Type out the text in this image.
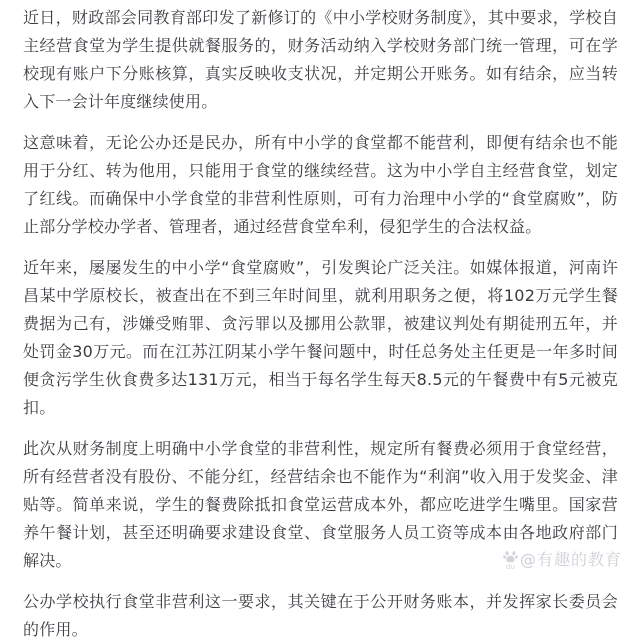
近日，财政部会同教育部印发了新修订的《中小学校财务制度》，其中要求，学校自主经营食堂为学生提供就餐服务的，财务活动纳入学校财务部门统一管理，可在学校现有账户下分账核算，真实反映收支状况，并定期公开账务。如有结余，应当转入下一会计年度继续使用。

这意味着，无论公办还是民办，所有中小学的食堂都不能营利，即便有结余也不能用于分红、转为他用，只能用于食堂的继续经营。这为中小学自主经营食堂，划定了红线。而确保中小学食堂的非营利性原则，可有力治理中小学的“食堂腐败”，防止部分学校办学者、管理者，通过经营食堂牟利，侵犯学生的合法权益。

近年来，屡屡发生的中小学“食堂腐败”，引发舆论广泛关注。如媒体报道，河南许昌某中学原校长，被查出在不到三年时间里，就利用职务之便，将102万元学生餐费据为己有，涉嫌受贿罪、贪污罪以及挪用公款罪，被建议判处有期徒刑五年，并处罚金30万元。而在江苏江阴某小学午餐问题中，时任总务处主任更是一年多时间便贪污学生伙食费多达131万元，相当于每名学生每天8.5元的午餐费中有5元被克扣。

此次从财务制度上明确中小学食堂的非营利性，规定所有餐费必须用于食堂经营，所有经营者没有股份、不能分红，经营结余也不能作为“利润”收入用于发奖金、津贴等。简单来说，学生的餐费除抵扣食堂运营成本外，都应吃进学生嘴里。国家营养午餐计划，甚至还明确要求建设食堂、食堂服务人员工资等成本由各地政府部门解决。

公办学校执行食堂非营利这一要求，其关键在于公开财务账本，并发挥家长委员会的作用。

du @有趣的教育
